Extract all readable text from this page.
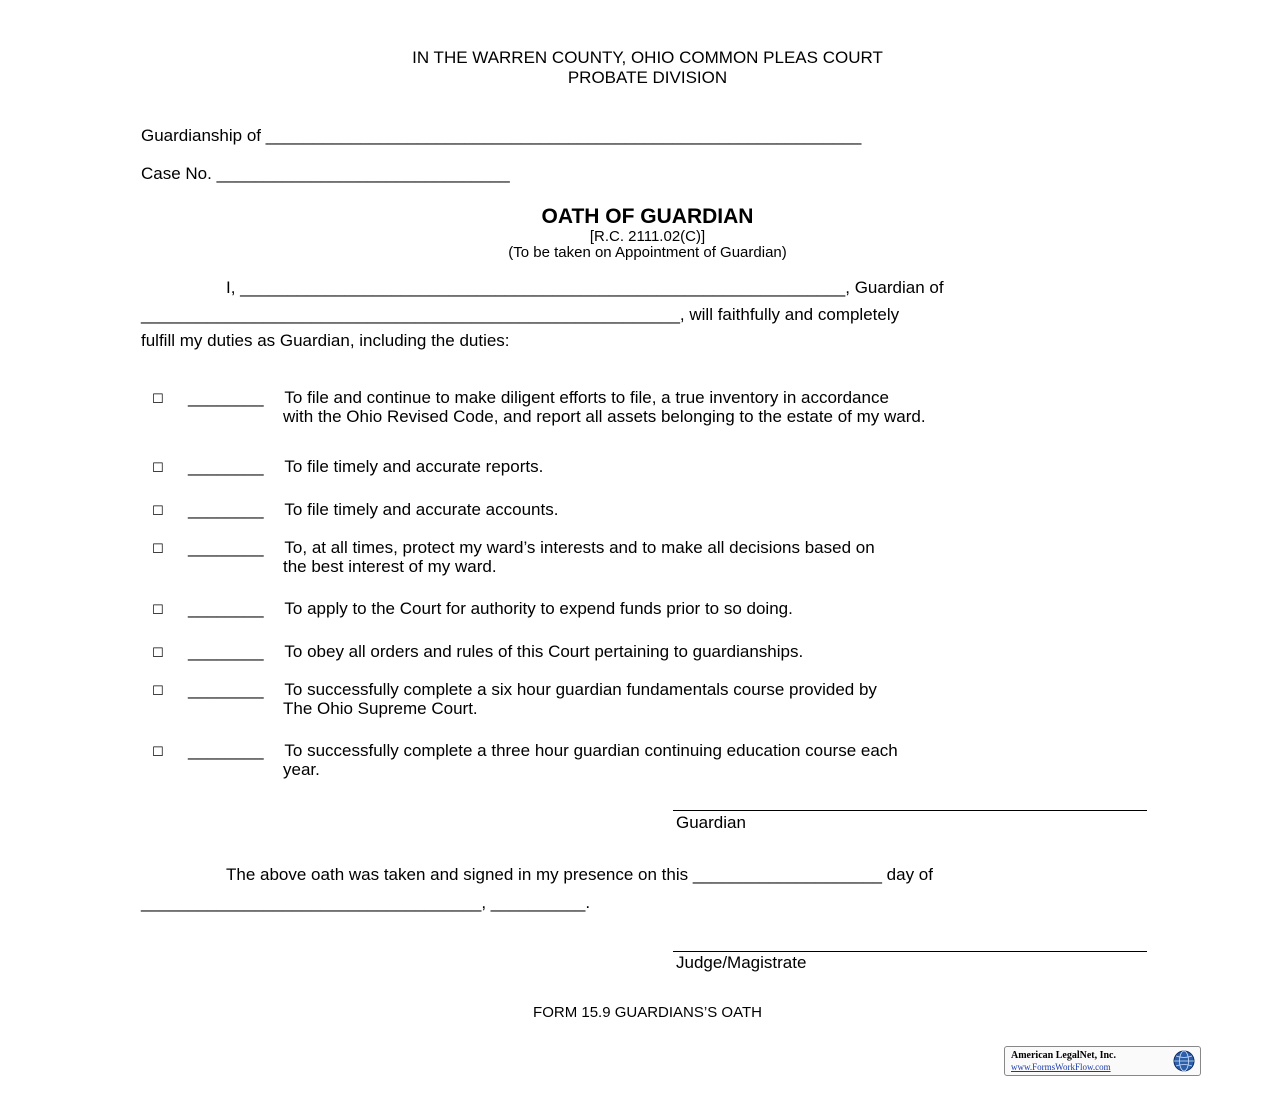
IN THE WARREN COUNTY, OHIO COMMON PLEAS COURT
PROBATE DIVISION
Guardianship of _______________________________________________________________
Case No. _______________________________
OATH OF GUARDIAN
[R.C. 2111.02(C)]
(To be taken on Appointment of Guardian)
I, ________________________________________________________________, Guardian of
_________________________________________________________, will faithfully and completely
fulfill my duties as Guardian, including the duties:
☐ ________ To file and continue to make diligent efforts to file, a true inventory in accordance
with the Ohio Revised Code, and report all assets belonging to the estate of my ward.
☐ ________ To file timely and accurate reports.
☐ ________ To file timely and accurate accounts.
☐ ________ To, at all times, protect my ward’s interests and to make all decisions based on
the best interest of my ward.
☐ ________ To apply to the Court for authority to expend funds prior to so doing.
☐ ________ To obey all orders and rules of this Court pertaining to guardianships.
☐ ________ To successfully complete a six hour guardian fundamentals course provided by
The Ohio Supreme Court.
☐ ________ To successfully complete a three hour guardian continuing education course each
year.
Guardian
The above oath was taken and signed in my presence on this ____________________ day of
____________________________________, __________.
Judge/Magistrate
FORM 15.9 GUARDIANS’S OATH
American LegalNet, Inc.
www.FormsWorkFlow.com
